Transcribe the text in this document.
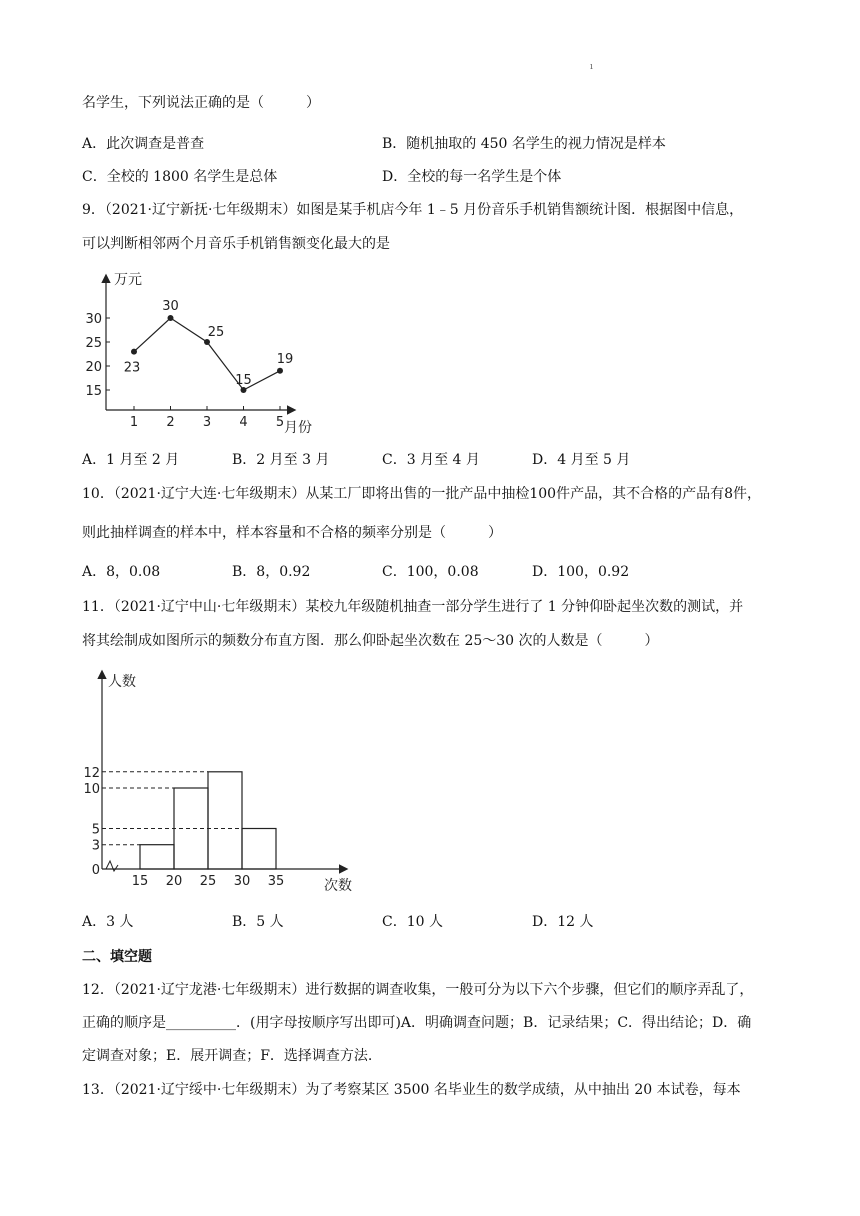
ı
名学生，下列说法正确的是（　　　）
A．此次调查是普查	B．随机抽取的 450 名学生的视力情况是样本
C．全校的 1800 名学生是总体	D．全校的每一名学生是个体
9．（2021·辽宁新抚·七年级期末）如图是某手机店今年 1﹣5 月份音乐手机销售额统计图．根据图中信息，
可以判断相邻两个月音乐手机销售额变化最大的是
万元
月份
15
20
25
30
1 2 3 4 5
23
30
25
15
19
A．1 月至 2 月	B．2 月至 3 月	C．3 月至 4 月	D．4 月至 5 月
10．（2021·辽宁大连·七年级期末）从某工厂即将出售的一批产品中抽检100件产品，其不合格的产品有8件，
则此抽样调查的样本中，样本容量和不合格的频率分别是（　　　）
A．8，0.08	B．8，0.92	C．100，0.08	D．100，0.92
11．（2021·辽宁中山·七年级期末）某校九年级随机抽查一部分学生进行了 1 分钟仰卧起坐次数的测试，并
将其绘制成如图所示的频数分布直方图．那么仰卧起坐次数在 25～30 次的人数是（　　　）
人数
次数
0
3
5
10
12
15 20 25 30 35
A．3 人	B．5 人	C．10 人	D．12 人
二、填空题
12．（2021·辽宁龙港·七年级期末）进行数据的调查收集，一般可分为以下六个步骤，但它们的顺序弄乱了，
正确的顺序是__________．(用字母按顺序写出即可)A．明确调查问题；B．记录结果；C．得出结论；D．确
定调查对象；E．展开调查；F．选择调查方法.
13．（2021·辽宁绥中·七年级期末）为了考察某区 3500 名毕业生的数学成绩，从中抽出 20 本试卷，每本
